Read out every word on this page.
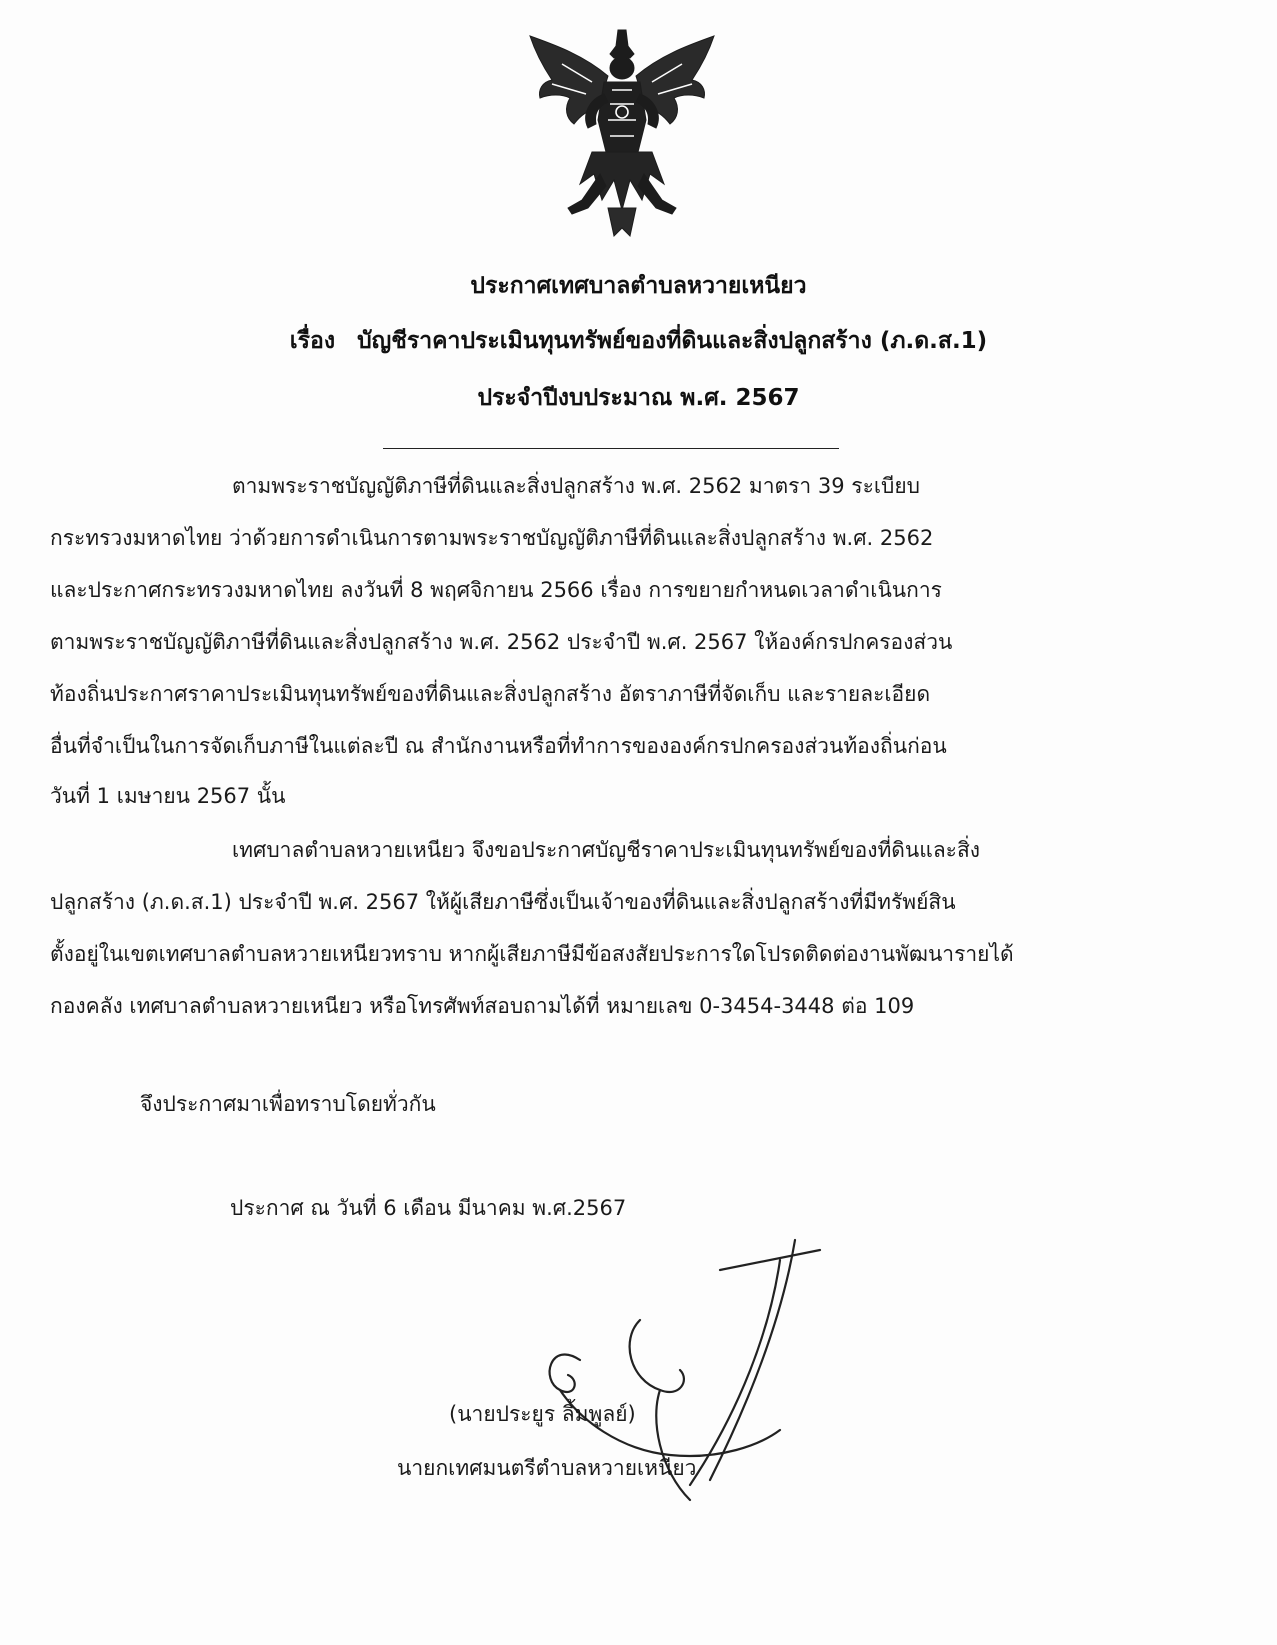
ประกาศเทศบาลตำบลหวายเหนียว
เรื่อง บัญชีราคาประเมินทุนทรัพย์ของที่ดินและสิ่งปลูกสร้าง (ภ.ด.ส.1)
ประจำปีงบประมาณ พ.ศ. 2567
ตามพระราชบัญญัติภาษีที่ดินและสิ่งปลูกสร้าง พ.ศ. 2562 มาตรา 39 ระเบียบ
กระทรวงมหาดไทย ว่าด้วยการดำเนินการตามพระราชบัญญัติภาษีที่ดินและสิ่งปลูกสร้าง พ.ศ. 2562
และประกาศกระทรวงมหาดไทย ลงวันที่ 8 พฤศจิกายน 2566 เรื่อง การขยายกำหนดเวลาดำเนินการ
ตามพระราชบัญญัติภาษีที่ดินและสิ่งปลูกสร้าง พ.ศ. 2562 ประจำปี พ.ศ. 2567 ให้องค์กรปกครองส่วน
ท้องถิ่นประกาศราคาประเมินทุนทรัพย์ของที่ดินและสิ่งปลูกสร้าง อัตราภาษีที่จัดเก็บ และรายละเอียด
อื่นที่จำเป็นในการจัดเก็บภาษีในแต่ละปี ณ สำนักงานหรือที่ทำการขององค์กรปกครองส่วนท้องถิ่นก่อน
วันที่ 1 เมษายน 2567 นั้น
เทศบาลตำบลหวายเหนียว จึงขอประกาศบัญชีราคาประเมินทุนทรัพย์ของที่ดินและสิ่ง
ปลูกสร้าง (ภ.ด.ส.1) ประจำปี พ.ศ. 2567 ให้ผู้เสียภาษีซึ่งเป็นเจ้าของที่ดินและสิ่งปลูกสร้างที่มีทรัพย์สิน
ตั้งอยู่ในเขตเทศบาลตำบลหวายเหนียวทราบ หากผู้เสียภาษีมีข้อสงสัยประการใดโปรดติดต่องานพัฒนารายได้
กองคลัง เทศบาลตำบลหวายเหนียว หรือโทรศัพท์สอบถามได้ที่ หมายเลข 0-3454-3448 ต่อ 109
จึงประกาศมาเพื่อทราบโดยทั่วกัน
ประกาศ ณ วันที่ 6 เดือน มีนาคม พ.ศ.2567
(นายประยูร ลิ้มพูลย์)
นายกเทศมนตรีตำบลหวายเหนียว
